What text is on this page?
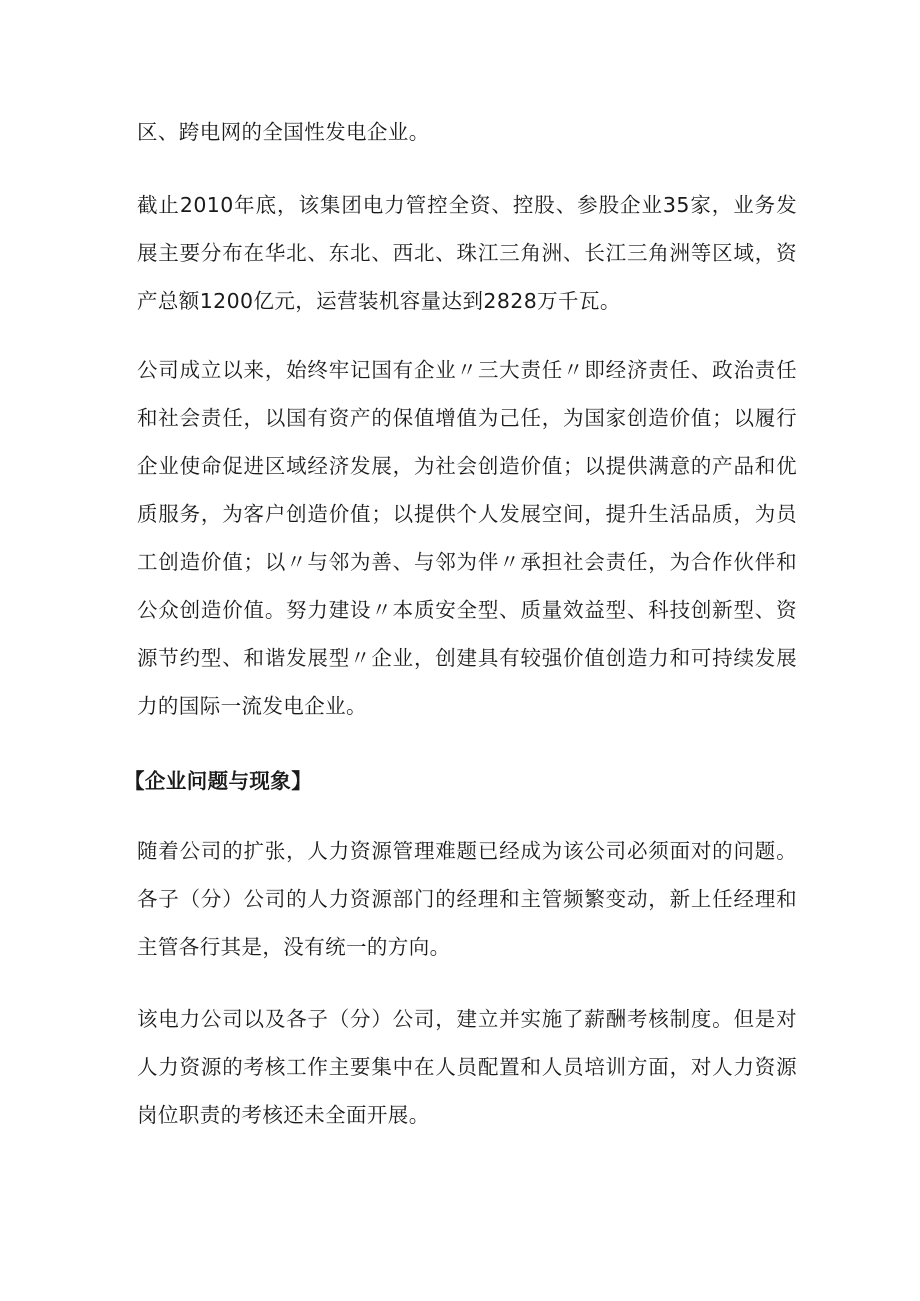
区、跨电网的全国性发电企业。

截止2010年底，该集团电力管控全资、控股、参股企业35家，业务发展主要分布在华北、东北、西北、珠江三角洲、长江三角洲等区域，资产总额1200亿元，运营装机容量达到2828万千瓦。

公司成立以来，始终牢记国有企业〃三大责任〃即经济责任、政治责任和社会责任，以国有资产的保值增值为己任，为国家创造价值；以履行企业使命促进区域经济发展，为社会创造价值；以提供满意的产品和优质服务，为客户创造价值；以提供个人发展空间，提升生活品质，为员工创造价值；以〃与邻为善、与邻为伴〃承担社会责任，为合作伙伴和公众创造价值。努力建设〃本质安全型、质量效益型、科技创新型、资源节约型、和谐发展型〃企业，创建具有较强价值创造力和可持续发展力的国际一流发电企业。

【企业问题与现象】

随着公司的扩张，人力资源管理难题已经成为该公司必须面对的问题。各子（分）公司的人力资源部门的经理和主管频繁变动，新上任经理和主管各行其是，没有统一的方向。

该电力公司以及各子（分）公司，建立并实施了薪酬考核制度。但是对人力资源的考核工作主要集中在人员配置和人员培训方面，对人力资源岗位职责的考核还未全面开展。
